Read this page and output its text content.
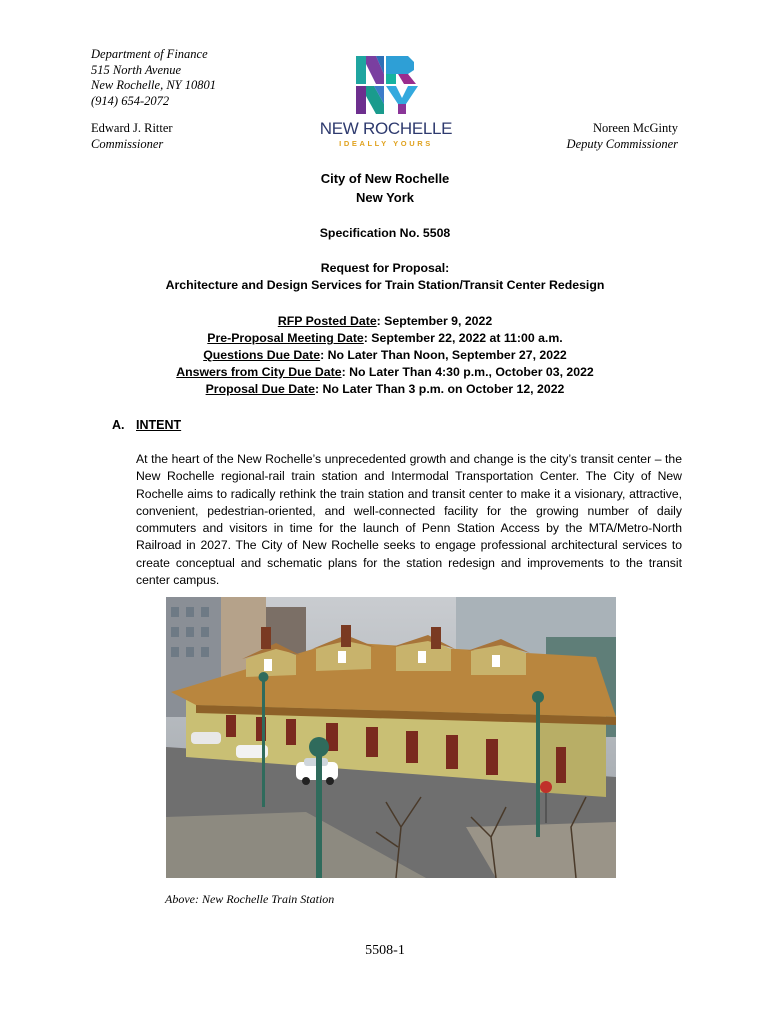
Department of Finance
515 North Avenue
New Rochelle, NY 10801
(914) 654-2072
Edward J. Ritter
Commissioner
NEW ROCHELLE
IDEALLY YOURS
Noreen McGinty
Deputy Commissioner
City of New Rochelle
New York
Specification No. 5508
Request for Proposal:
Architecture and Design Services for Train Station/Transit Center Redesign
RFP Posted Date: September 9, 2022
Pre-Proposal Meeting Date: September 22, 2022 at 11:00 a.m.
Questions Due Date: No Later Than Noon, September 27, 2022
Answers from City Due Date: No Later Than 4:30 p.m., October 03, 2022
Proposal Due Date: No Later Than 3 p.m. on October 12, 2022
A. INTENT
At the heart of the New Rochelle’s unprecedented growth and change is the city’s transit center – the New Rochelle regional-rail train station and Intermodal Transportation Center. The City of New Rochelle aims to radically rethink the train station and transit center to make it a visionary, attractive, convenient, pedestrian-oriented, and well-connected facility for the growing number of daily commuters and visitors in time for the launch of Penn Station Access by the MTA/Metro-North Railroad in 2027. The City of New Rochelle seeks to engage professional architectural services to create conceptual and schematic plans for the station redesign and improvements to the transit center campus.
Above: New Rochelle Train Station
5508-1
